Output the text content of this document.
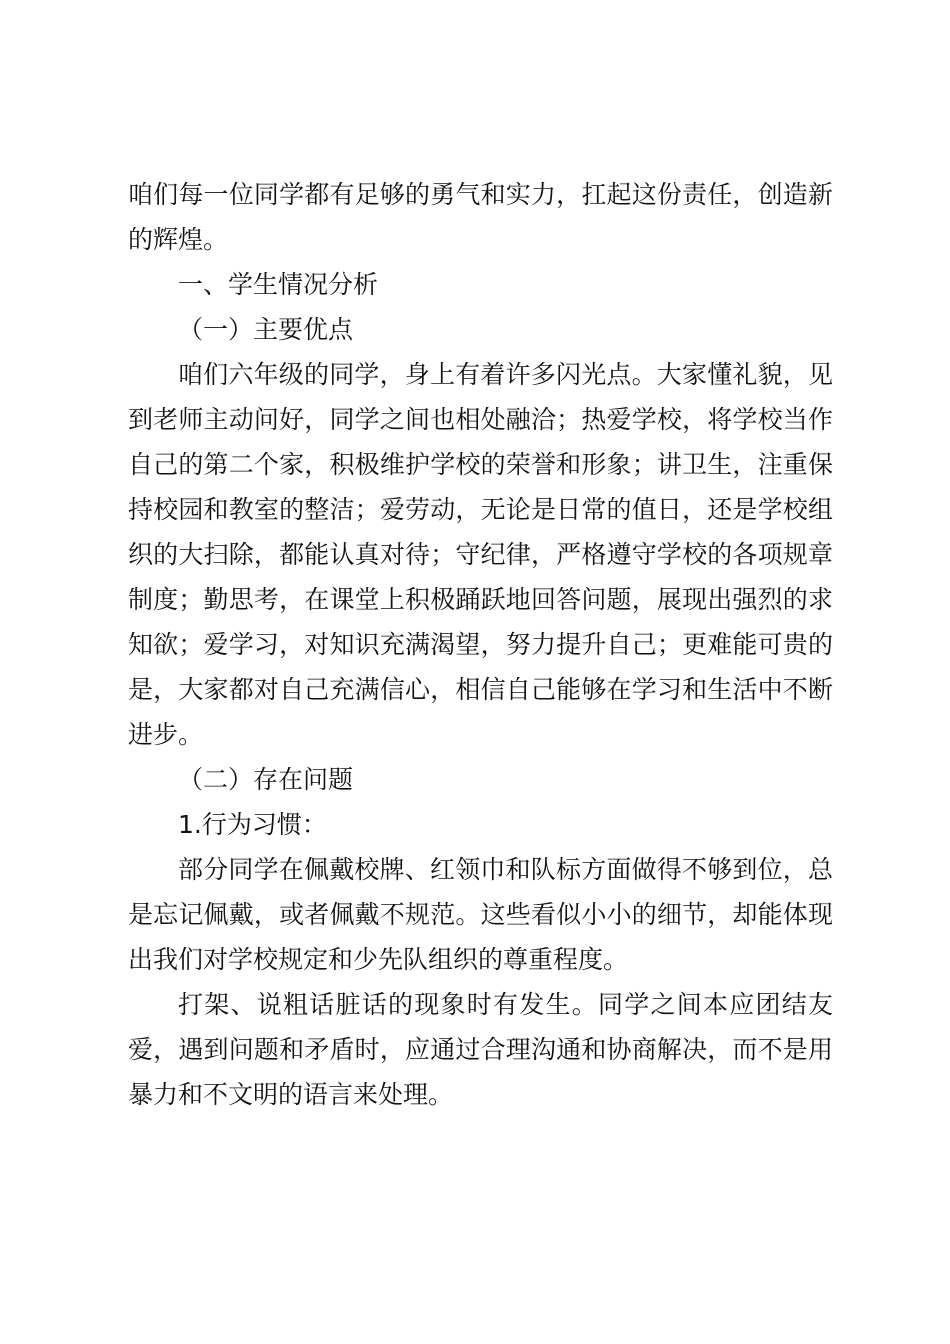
咱们每一位同学都有足够的勇气和实力，扛起这份责任，创造新的辉煌。

一、学生情况分析

（一）主要优点

咱们六年级的同学，身上有着许多闪光点。大家懂礼貌，见到老师主动问好，同学之间也相处融洽；热爱学校，将学校当作自己的第二个家，积极维护学校的荣誉和形象；讲卫生，注重保持校园和教室的整洁；爱劳动，无论是日常的值日，还是学校组织的大扫除，都能认真对待；守纪律，严格遵守学校的各项规章制度；勤思考，在课堂上积极踊跃地回答问题，展现出强烈的求知欲；爱学习，对知识充满渴望，努力提升自己；更难能可贵的是，大家都对自己充满信心，相信自己能够在学习和生活中不断进步。

（二）存在问题

1.行为习惯：

部分同学在佩戴校牌、红领巾和队标方面做得不够到位，总是忘记佩戴，或者佩戴不规范。这些看似小小的细节，却能体现出我们对学校规定和少先队组织的尊重程度。

打架、说粗话脏话的现象时有发生。同学之间本应团结友爱，遇到问题和矛盾时，应通过合理沟通和协商解决，而不是用暴力和不文明的语言来处理。
